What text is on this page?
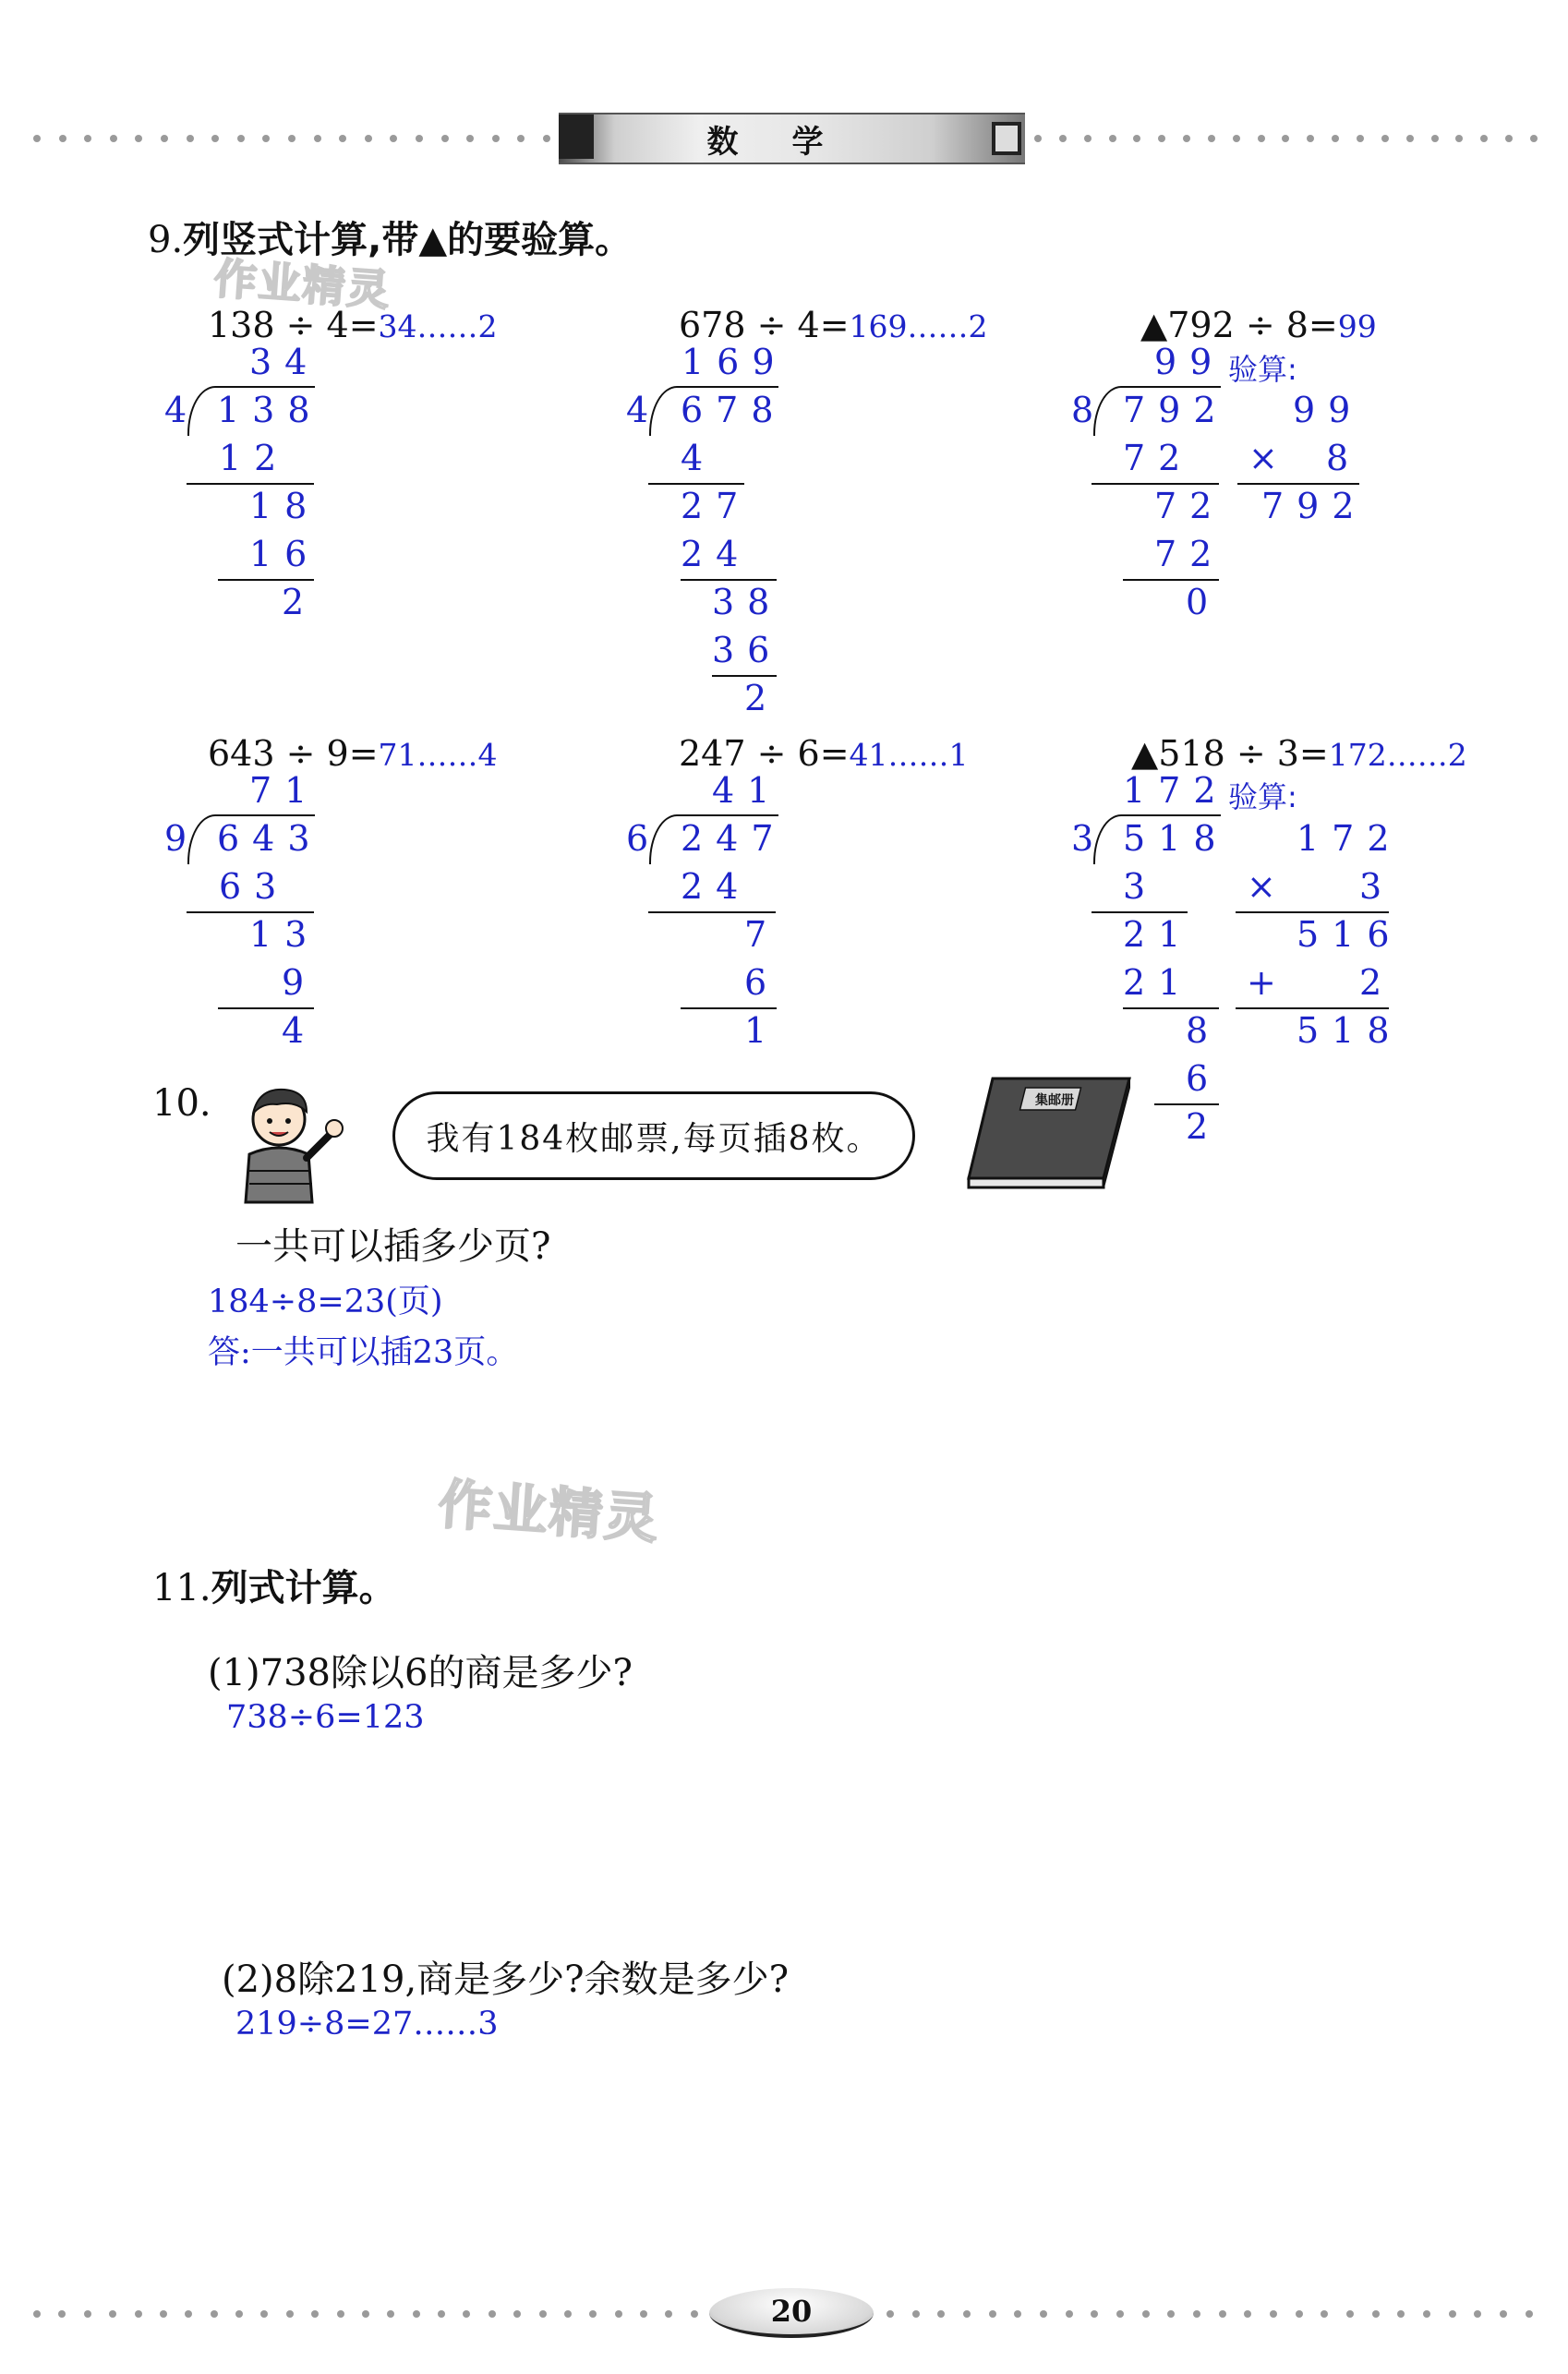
数学
作业精灵
作业精灵
9.列竖式计算,带▲的要验算。
138 ÷ 4=34……2
34
4 138
12
18
16
2
678 ÷ 4=169……2
169
4 678
4
27
24
38
36
2
▲792 ÷ 8=99
99 验算:
8 792
72
72
72
0
99
× 8
792
643 ÷ 9=71……4
71
9 643
63
13
9
4
247 ÷ 6=41……1
41
6 247
24
7
6
1
▲518 ÷ 3=172……2
172 验算:
3 518
3
21
21
8
6
2
172
× 3
516
+ 2
518
10.
我有184枚邮票,每页插8枚。
集邮册
一共可以插多少页?
184÷8=23(页)
答:一共可以插23页。
11.列式计算。
(1)738除以6的商是多少?
738÷6=123
(2)8除219,商是多少?余数是多少?
219÷8=27……3
20
